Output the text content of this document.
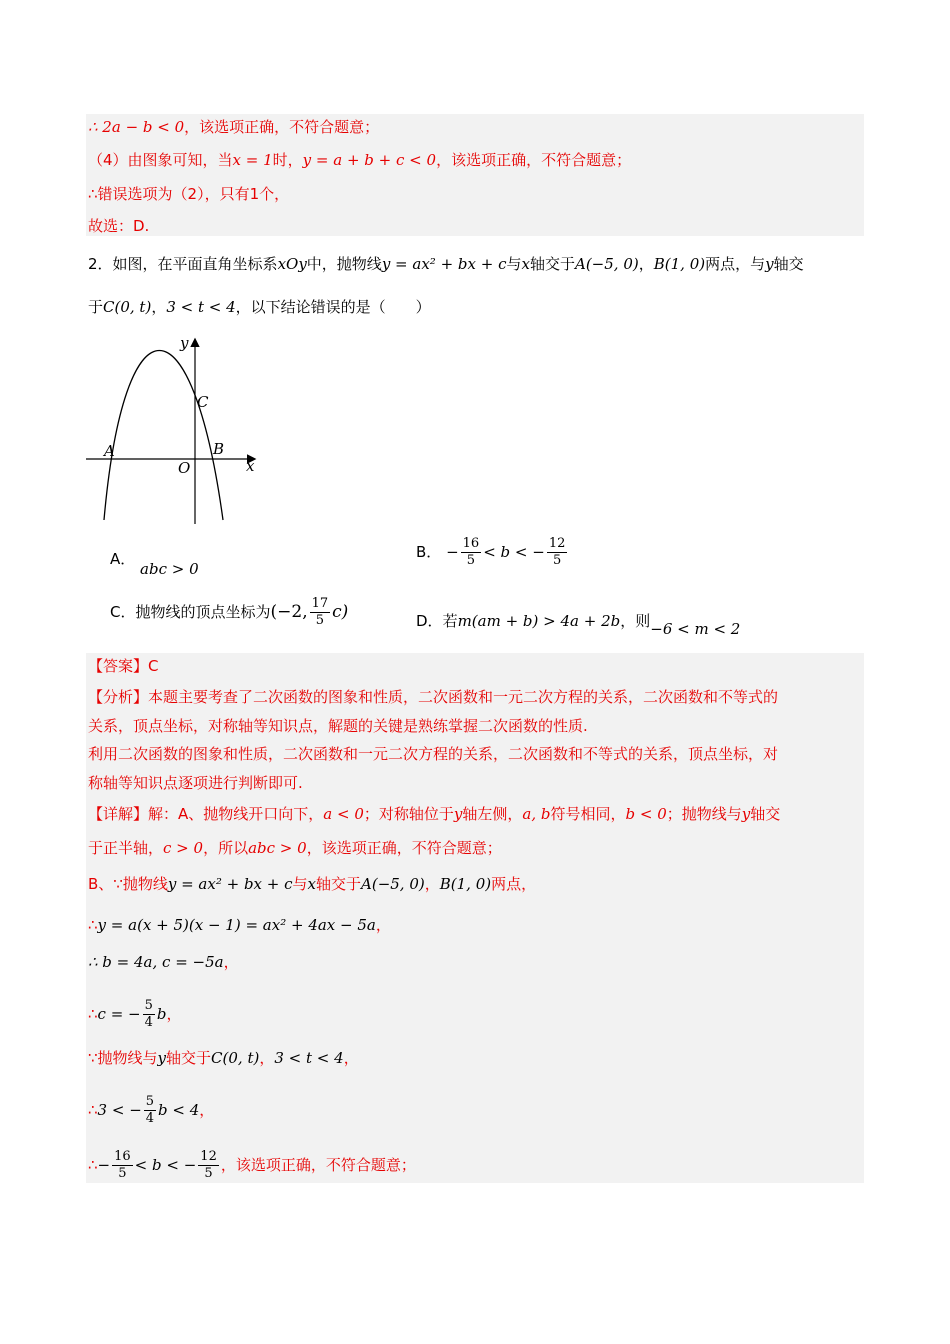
∴ 2a − b < 0，该选项正确，不符合题意；
（4）由图象可知，当x = 1时，y = a + b + c < 0，该选项正确，不符合题意；
∴错误选项为（2），只有1个，
故选：D.
2．如图，在平面直角坐标系xOy中，抛物线y = ax² + bx + c与x轴交于A(−5, 0)，B(1, 0)两点，与y轴交
于C(0, t)，3 < t < 4，以下结论错误的是（　　）
y
x
O
A	B
C
A． abc > 0
B． − $\frac{16}{5} < b$ < − $\frac{12}{5}$
C．抛物线的顶点坐标为(−2, $\frac{17}{5} c$)	D．若m(am + b) > 4a + 2b，则−6 < m < 2
【答案】C
【分析】本题主要考查了二次函数的图象和性质，二次函数和一元二次方程的关系，二次函数和不等式的
关系，顶点坐标，对称轴等知识点，解题的关键是熟练掌握二次函数的性质.
利用二次函数的图象和性质，二次函数和一元二次方程的关系，二次函数和不等式的关系，顶点坐标，对
称轴等知识点逐项进行判断即可.
【详解】解：A、抛物线开口向下，a < 0；对称轴位于y轴左侧，a, b符号相同，b < 0；抛物线与y轴交
于正半轴，c > 0，所以abc > 0，该选项正确，不符合题意；
B、∵抛物线y = ax² + bx + c与x轴交于A(−5, 0)，B(1, 0)两点，
∴y = a(x + 5)(x − 1) = ax² + 4ax − 5a，
∴ b = 4a, c = −5a，
∴c = − $\frac{5}{4}$ b，
∵抛物线与y轴交于C(0, t)，3 < t < 4，
∴3 < − $\frac{5}{4}$ b < 4，
∴− $\frac{16}{5} < b$ < − $\frac{12}{5}$ ，该选项正确，不符合题意；
